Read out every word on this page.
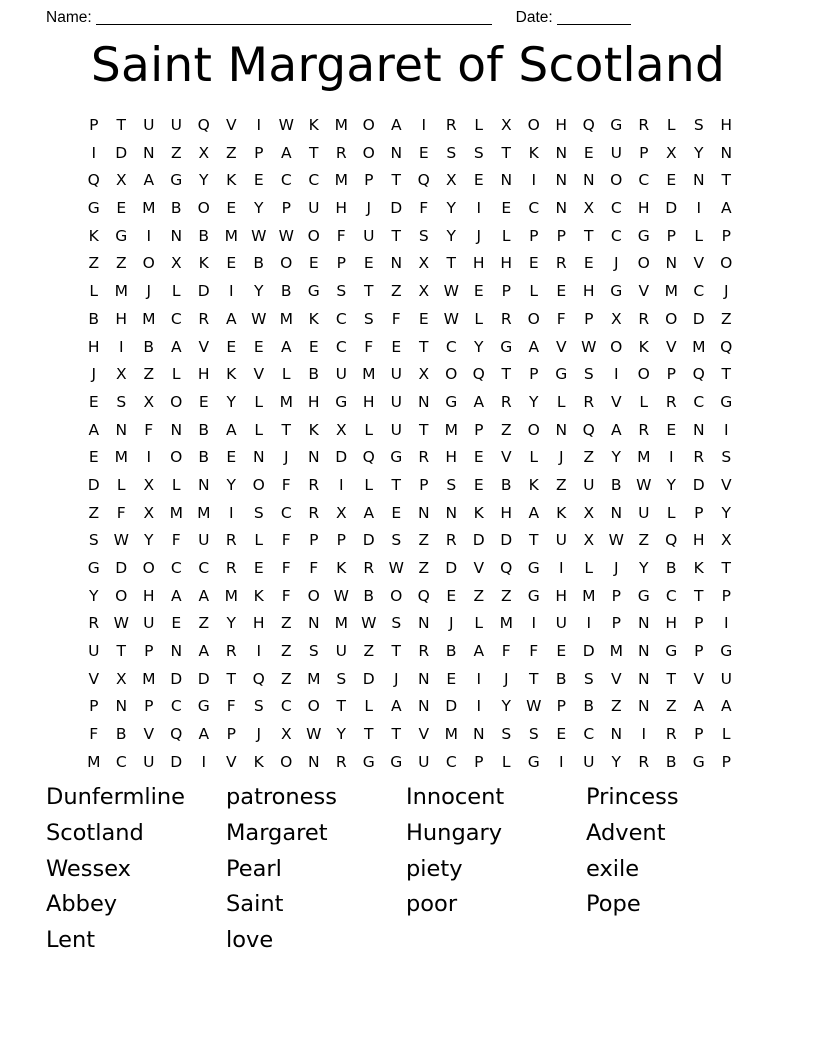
Name:	Date:
Saint Margaret of Scotland
P	T	U	U	Q	V	I	W K	M O	A	I	R	L	X	O	H	Q G	R	L	S	H
I	D	N	Z	X	Z	P	A	T	R	O	N	E	S	S	T	K	N	E	U	P	X	Y	N
Q	X	A	G	Y	K	E	C	C M	P	T	Q	X	E	N	I	N	N	O	C	E	N	T
G	E	M B	O	E	Y	P	U	H	J	D	F	Y	I	E	C	N	X	C	H	D	I	A
K	G	I	N	B	M W W O	F	U	T	S	Y	J	L	P	P	T	C	G	P	L	P
Z	Z	O	X	K	E	B	O	E	P	E	N	X	T	H	H	E	R	E	J	O	N	V	O
L	M	J	L	D	I	Y	B	G	S	T	Z	X W E	P	L	E	H	G	V	M C	J
B	H M C	R	A W M	K	C	S	F	E W	L	R	O	F	P	X	R	O D	Z
H	I	B	A	V	E	E	A	E	C	F	E	T	C	Y	G	A	V W O	K	V	M Q
J	X	Z	L	H	K	V	L	B	U M U	X	O Q	T	P	G	S	I	O	P	Q	T
E	S	X	O	E	Y	L	M H	G	H	U	N	G	A	R	Y	L	R	V	L	R	C	G
A	N	F	N	B	A	L	T	K	X	L	U	T	M	P	Z	O	N	Q	A	R	E	N	I
E	M	I	O	B	E	N	J	N	D Q G	R	H	E	V	L	J	Z	Y	M	I	R	S
D	L	X	L	N	Y	O	F	R	I	L	T	P	S	E	B	K	Z	U	B W Y	D	V
Z	F	X	M M	I	S	C	R	X	A	E	N	N	K	H	A	K	X	N	U	L	P	Y
S W Y	F	U	R	L	F	P	P	D	S	Z	R	D	D	T	U	X W Z	Q	H	X
G	D O	C	C	R	E	F	F	K	R W Z	D	V	Q G	I	L	J	Y	B	K	T
Y	O	H	A	A	M	K	F	O W B	O Q	E	Z	Z	G	H M	P	G	C	T	P
R W U	E	Z	Y	H	Z	N M W S	N	J	L	M	I	U	I	P	N	H	P	I
U	T	P	N	A	R	I	Z	S	U	Z	T	R	B	A	F	F	E	D M N	G	P	G
V	X	M D	D	T	Q	Z	M	S	D	J	N	E	I	J	T	B	S	V	N	T	V	U
P	N	P	C	G	F	S	C	O	T	L	A	N	D	I	Y W P	B	Z	N	Z	A	A
F	B	V	Q	A	P	J	X W Y	T	T	V	M N	S	S	E	C	N	I	R	P	L
M C	U	D	I	V	K	O	N	R	G G	U	C	P	L	G	I	U	Y	R	B	G	P
Dunfermline
Scotland
Wessex
Abbey
Lent
patroness
Margaret
Pearl
Saint
love
Innocent
Hungary
piety
poor
Princess
Advent
exile
Pope
